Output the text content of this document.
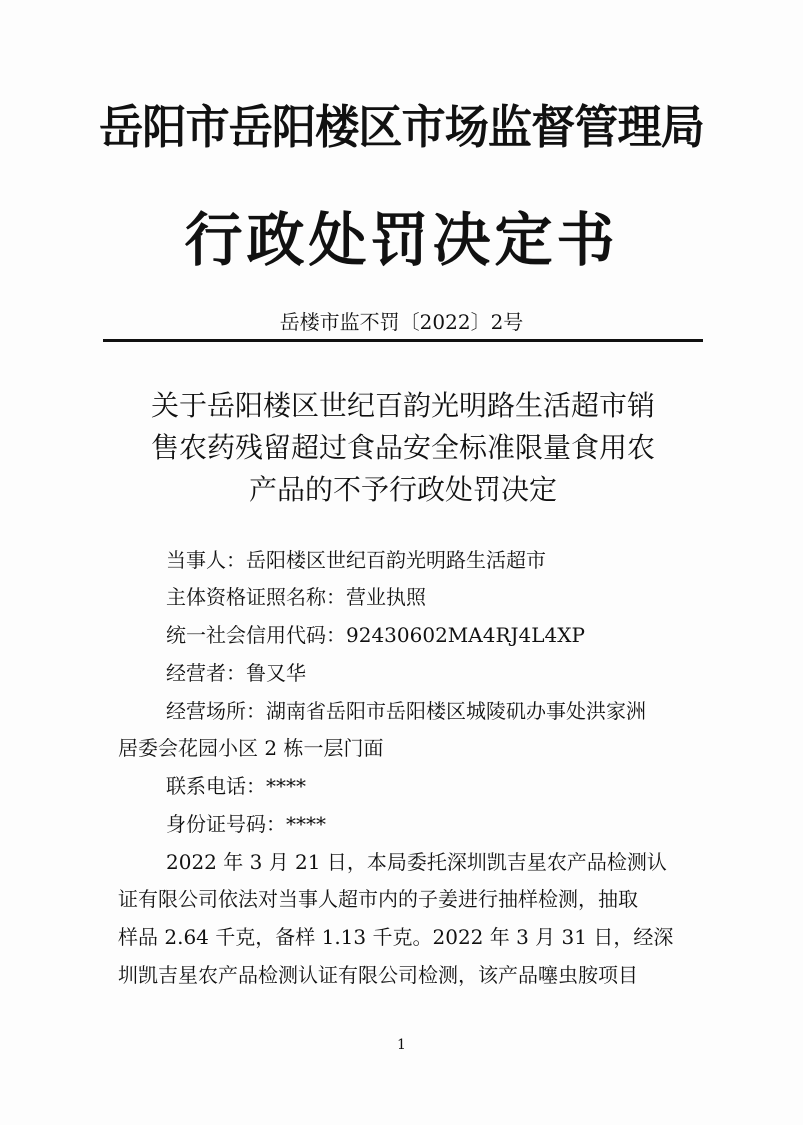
岳阳市岳阳楼区市场监督管理局
行政处罚决定书
岳楼市监不罚〔2022〕2号
关于岳阳楼区世纪百韵光明路生活超市销
售农药残留超过食品安全标准限量食用农
产品的不予行政处罚决定
当事人：岳阳楼区世纪百韵光明路生活超市
主体资格证照名称：营业执照
统一社会信用代码：92430602MA4RJ4L4XP
经营者：鲁又华
经营场所：湖南省岳阳市岳阳楼区城陵矶办事处洪家洲
居委会花园小区 2 栋一层门面
联系电话：****
身份证号码：****
2022 年 3 月 21 日，本局委托深圳凯吉星农产品检测认
证有限公司依法对当事人超市内的子姜进行抽样检测，抽取
样品 2.64 千克，备样 1.13 千克。2022 年 3 月 31 日，经深
圳凯吉星农产品检测认证有限公司检测，该产品噻虫胺项目
1
